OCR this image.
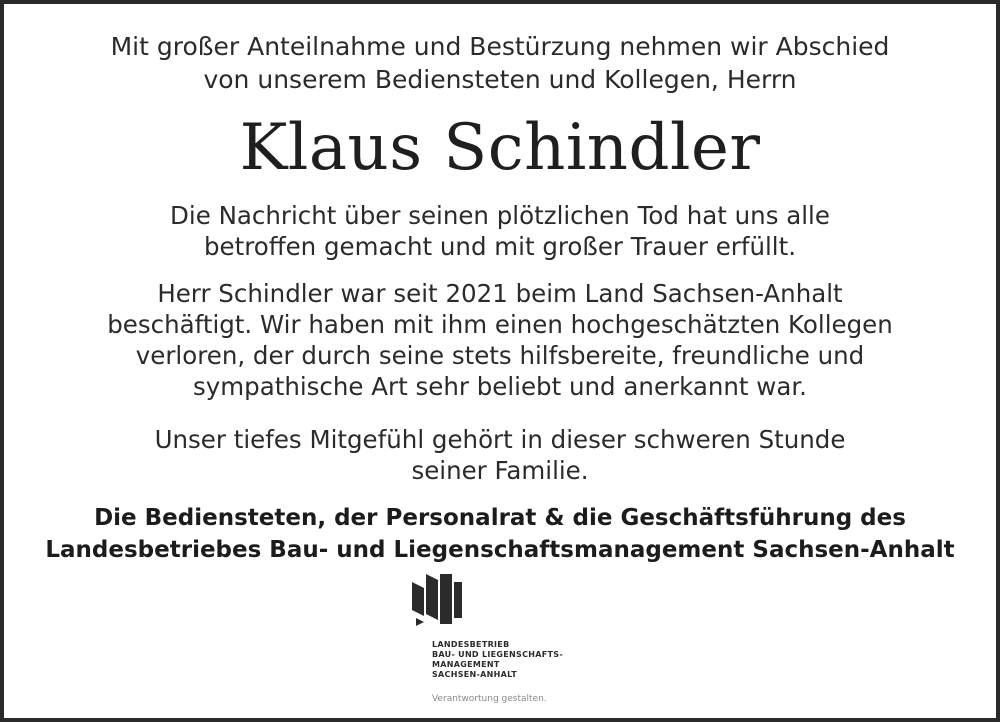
Mit großer Anteilnahme und Bestürzung nehmen wir Abschied
von unserem Bediensteten und Kollegen, Herrn
Klaus Schindler
Die Nachricht über seinen plötzlichen Tod hat uns alle
betroffen gemacht und mit großer Trauer erfüllt.
Herr Schindler war seit 2021 beim Land Sachsen-Anhalt
beschäftigt. Wir haben mit ihm einen hochgeschätzten Kollegen
verloren, der durch seine stets hilfsbereite, freundliche und
sympathische Art sehr beliebt und anerkannt war.
Unser tiefes Mitgefühl gehört in dieser schweren Stunde
seiner Familie.
Die Bediensteten, der Personalrat & die Geschäftsführung des
Landesbetriebes Bau- und Liegenschaftsmanagement Sachsen-Anhalt
LANDESBETRIEB
BAU- UND LIEGENSCHAFTS-
MANAGEMENT
SACHSEN-ANHALT
Verantwortung gestalten.
